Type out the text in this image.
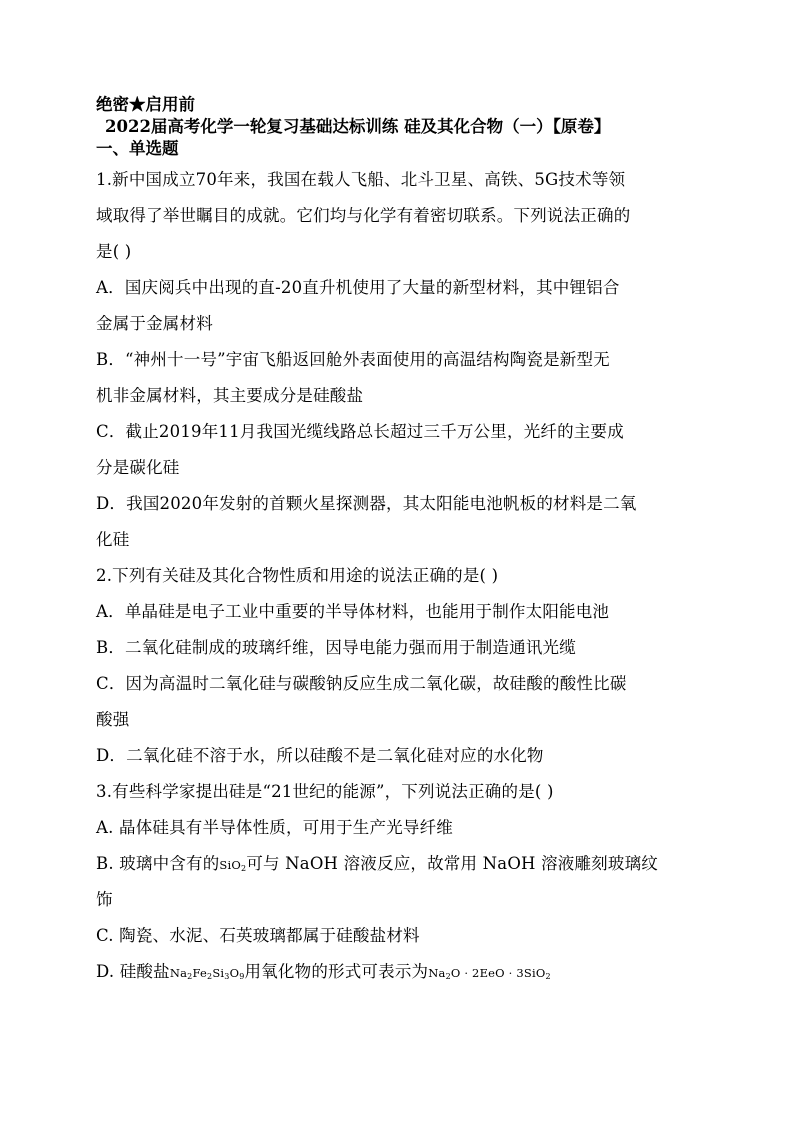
绝密★启用前
2022届高考化学一轮复习基础达标训练 硅及其化合物（一）【原卷】
一、单选题
1.新中国成立70年来，我国在载人飞船、北斗卫星、高铁、5G技术等领
域取得了举世瞩目的成就。它们均与化学有着密切联系。下列说法正确的
是( )
A．国庆阅兵中出现的直-20直升机使用了大量的新型材料，其中锂铝合
金属于金属材料
B．“神州十一号”宇宙飞船返回舱外表面使用的高温结构陶瓷是新型无
机非金属材料，其主要成分是硅酸盐
C．截止2019年11月我国光缆线路总长超过三千万公里，光纤的主要成
分是碳化硅
D．我国2020年发射的首颗火星探测器，其太阳能电池帆板的材料是二氧
化硅
2.下列有关硅及其化合物性质和用途的说法正确的是( )
A．单晶硅是电子工业中重要的半导体材料，也能用于制作太阳能电池
B．二氧化硅制成的玻璃纤维，因导电能力强而用于制造通讯光缆
C．因为高温时二氧化硅与碳酸钠反应生成二氧化碳，故硅酸的酸性比碳
酸强
D．二氧化硅不溶于水，所以硅酸不是二氧化硅对应的水化物
3.有些科学家提出硅是“21世纪的能源”，下列说法正确的是( )
A. 晶体硅具有半导体性质，可用于生产光导纤维
B. 玻璃中含有的SiO$_2$可与 NaOH 溶液反应，故常用 NaOH 溶液雕刻玻璃纹
饰
C. 陶瓷、水泥、石英玻璃都属于硅酸盐材料
D. 硅酸盐$Na_2Fe_2Si_3O_9$用氧化物的形式可表示为$Na_2O \cdot 2EeO \cdot 3SiO_2$
